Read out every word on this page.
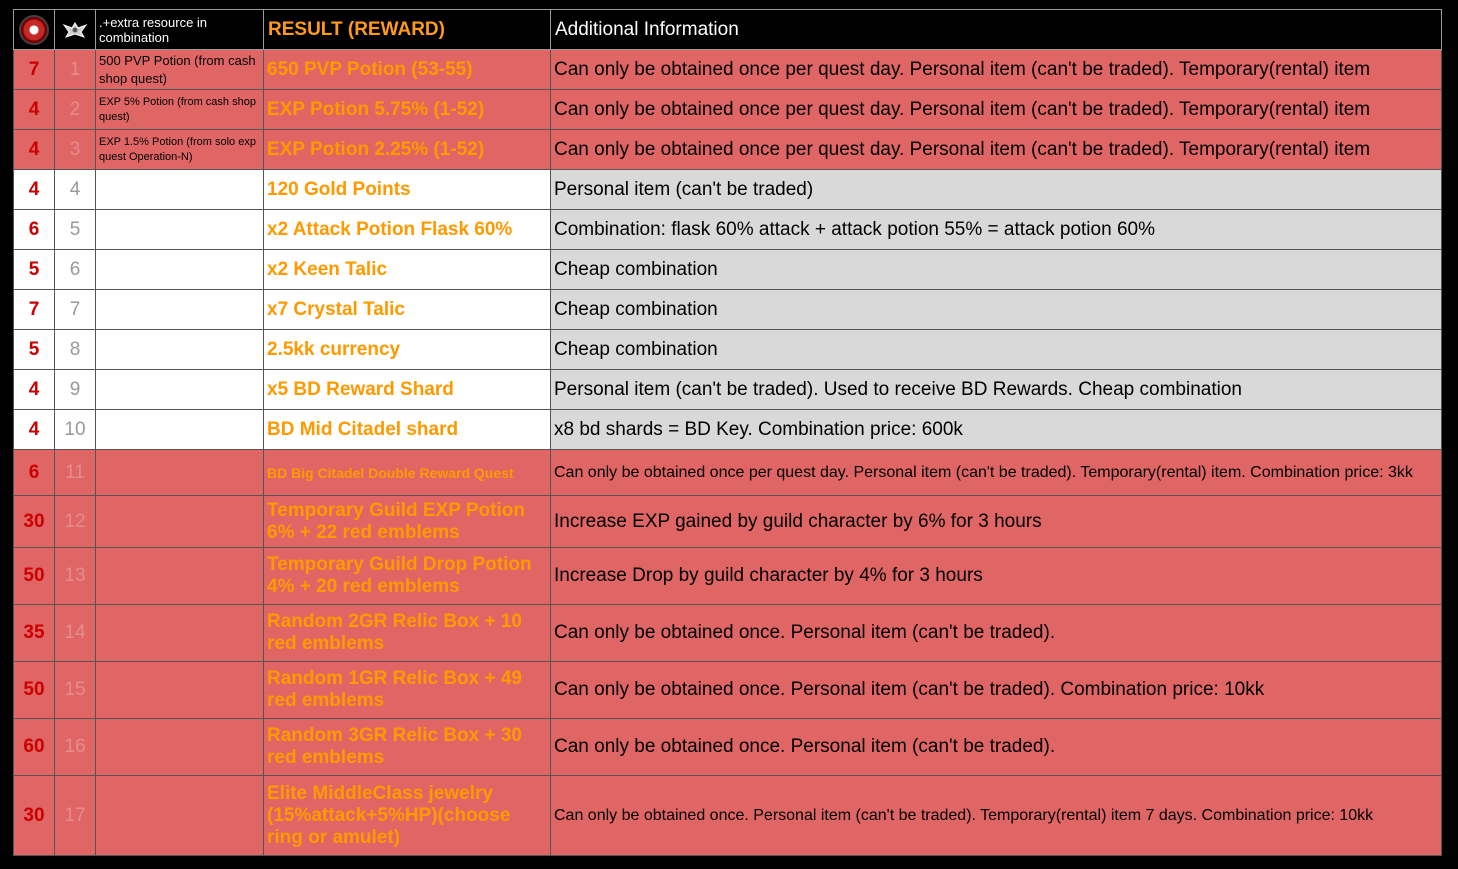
		.+extra resource in combination	RESULT (REWARD)	Additional Information
7	1	500 PVP Potion (from cash shop quest)	650 PVP Potion (53-55)	Can only be obtained once per quest day. Personal item (can't be traded). Temporary(rental) item
4	2	EXP 5% Potion (from cash shop quest)	EXP Potion 5.75% (1-52)	Can only be obtained once per quest day. Personal item (can't be traded). Temporary(rental) item
4	3	EXP 1.5% Potion (from solo exp quest Operation-N)	EXP Potion 2.25% (1-52)	Can only be obtained once per quest day. Personal item (can't be traded). Temporary(rental) item
4	4		120 Gold Points	Personal item (can't be traded)
6	5		x2 Attack Potion Flask 60%	Combination: flask 60% attack + attack potion 55% = attack potion 60%
5	6		x2 Keen Talic	Cheap combination
7	7		x7 Crystal Talic	Cheap combination
5	8		2.5kk currency	Cheap combination
4	9		x5 BD Reward Shard	Personal item (can't be traded). Used to receive BD Rewards. Cheap combination
4	10		BD Mid Citadel shard	x8 bd shards = BD Key. Combination price: 600k
6	11		BD Big Citadel Double Reward Quest	Can only be obtained once per quest day. Personal item (can't be traded). Temporary(rental) item. Combination price: 3kk
30	12		Temporary Guild EXP Potion 6% + 22 red emblems	Increase EXP gained by guild character by 6% for 3 hours
50	13		Temporary Guild Drop Potion 4% + 20 red emblems	Increase Drop by guild character by 4% for 3 hours
35	14		Random 2GR Relic Box + 10 red emblems	Can only be obtained once. Personal item (can't be traded).
50	15		Random 1GR Relic Box + 49 red emblems	Can only be obtained once. Personal item (can't be traded). Combination price: 10kk
60	16		Random 3GR Relic Box + 30 red emblems	Can only be obtained once. Personal item (can't be traded).
30	17		Elite MiddleClass jewelry (15%attack+5%HP)(choose ring or amulet)	Can only be obtained once. Personal item (can't be traded). Temporary(rental) item 7 days. Combination price: 10kk
